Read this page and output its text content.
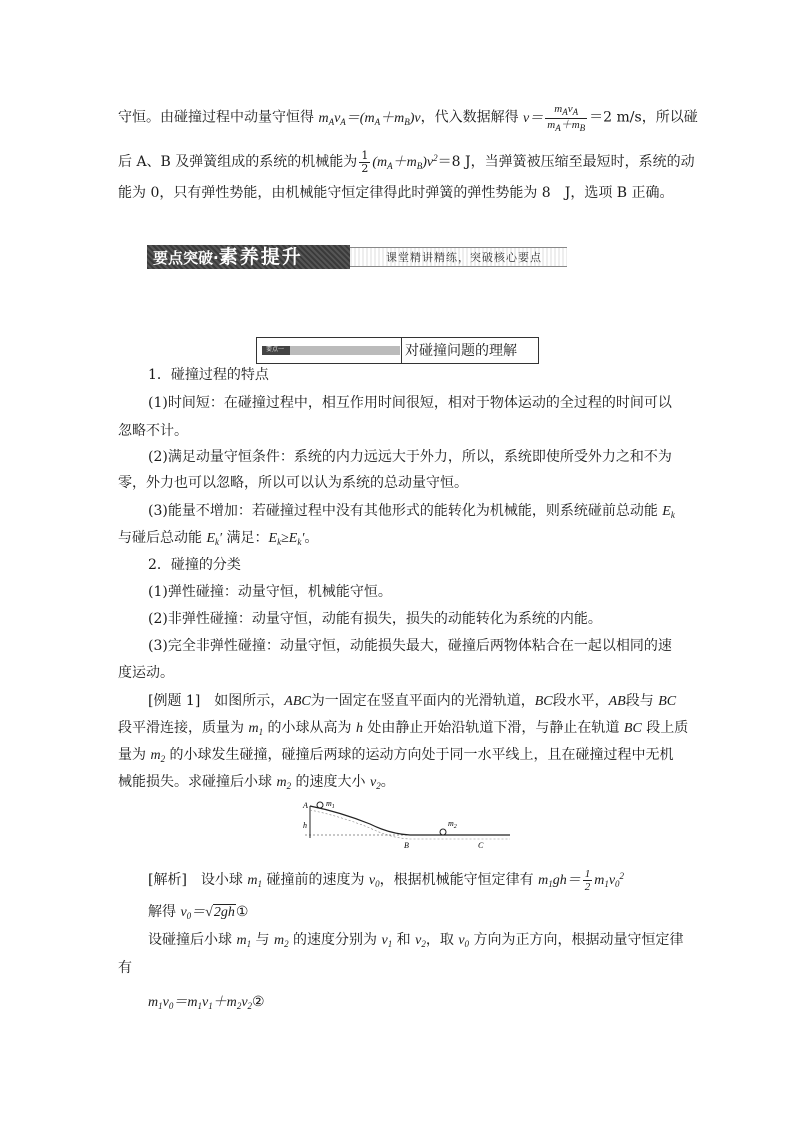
守恒。由碰撞过程中动量守恒得 $m_Av_A=(m_A+m_B)v$，代入数据解得 $v= \frac{m_Av_A}{m_A+m_B} =2$ m/s，所以碰
后 A、B 及弹簧组成的系统的机械能为 $\frac{1}{2} (m_A+m_B)v^2=8$ J，当弹簧被压缩至最短时，系统的动
能为 0，只有弹性势能，由机械能守恒定律得此时弹簧的弹性势能为 8　J，选项 B 正确。
要点突破·素养提升	课堂精讲精练，突破核心要点
要点一	对碰撞问题的理解
1．碰撞过程的特点
(1)时间短：在碰撞过程中，相互作用时间很短，相对于物体运动的全过程的时间可以
忽略不计。
(2)满足动量守恒条件：系统的内力远远大于外力，所以，系统即使所受外力之和不为
零，外力也可以忽略，所以可以认为系统的总动量守恒。
(3)能量不增加：若碰撞过程中没有其他形式的能转化为机械能，则系统碰前总动能 $E_k$
与碰后总动能 $E_k'$ 满足：$E_k\ge E_k'$。
2．碰撞的分类
(1)弹性碰撞：动量守恒，机械能守恒。
(2)非弹性碰撞：动量守恒，动能有损失，损失的动能转化为系统的内能。
(3)完全非弹性碰撞：动量守恒，动能损失最大，碰撞后两物体粘合在一起以相同的速
度运动。
[例题 1]　如图所示，ABC为一固定在竖直平面内的光滑轨道，BC段水平，AB段与 BC
段平滑连接，质量为 $m_1$ 的小球从高为 h 处由静止开始沿轨道下滑，与静止在轨道 BC 段上质
量为 $m_2$ 的小球发生碰撞，碰撞后两球的运动方向处于同一水平线上，且在碰撞过程中无机
械能损失。求碰撞后小球 $m_2$ 的速度大小 $v_2$。
A
h
$m_1$
$m_2$
B	C
[解析]　设小球 $m_1$ 碰撞前的速度为 $v_0$，根据机械能守恒定律有 $m_1gh= \frac{1}{2} m_1v_0^2$
解得 $v_0=√2gh①$
设碰撞后小球 $m_1$ 与 $m_2$ 的速度分别为 $v_1$ 和 $v_2$，取 $v_0$ 方向为正方向，根据动量守恒定律
有
$m_1v_0=m_1v_1+m_2v_2②$
